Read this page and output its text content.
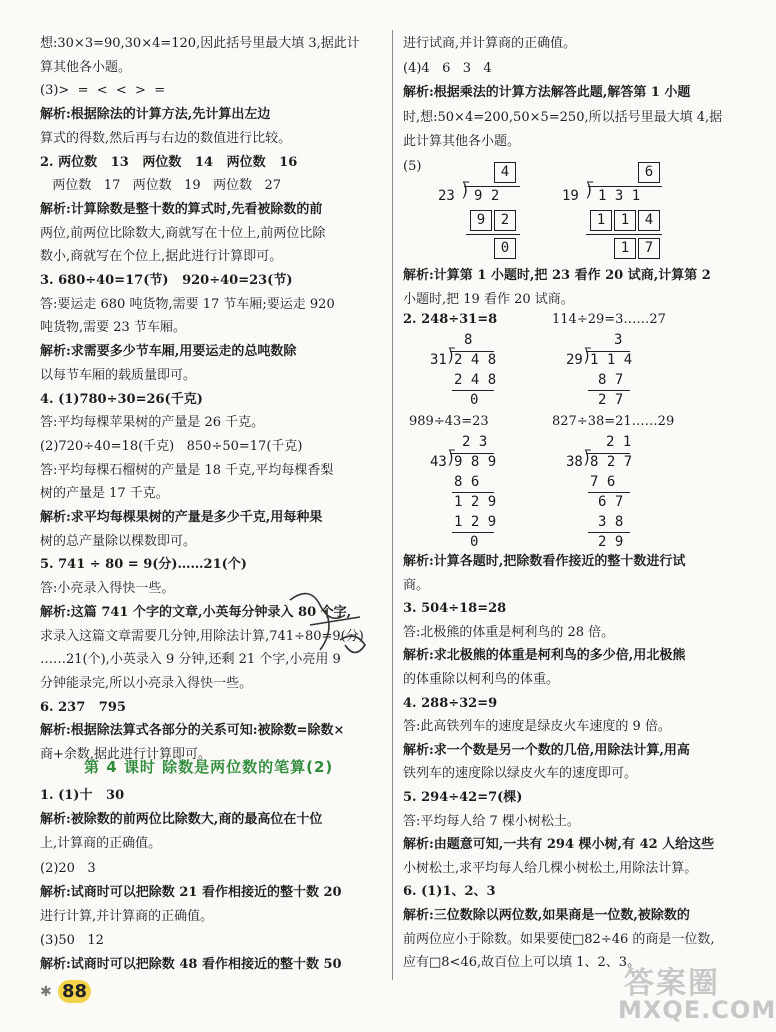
想:30×3=90,30×4=120,因此括号里最大填 3,据此计
算其他各小题。
(3)>  =  <  <  >  =
解析:根据除法的计算方法,先计算出左边
算式的得数,然后再与右边的数值进行比较。
2. 两位数   13   两位数   14   两位数   16
两位数   17   两位数   19   两位数   27
解析:计算除数是整十数的算式时,先看被除数的前
两位,前两位比除数大,商就写在十位上,前两位比除
数小,商就写在个位上,据此进行计算即可。
3. 680÷40=17(节)   920÷40=23(节)
答:要运走 680 吨货物,需要 17 节车厢;要运走 920
吨货物,需要 23 节车厢。
解析:求需要多少节车厢,用要运走的总吨数除
以每节车厢的载质量即可。
4. (1)780÷30=26(千克)
答:平均每棵苹果树的产量是 26 千克。
(2)720÷40=18(千克)   850÷50=17(千克)
答:平均每棵石榴树的产量是 18 千克,平均每棵香梨
树的产量是 17 千克。
解析:求平均每棵果树的产量是多少千克,用每种果
树的总产量除以棵数即可。
5. 741 ÷ 80 = 9(分)……21(个)
答:小亮录入得快一些。
解析:这篇 741 个字的文章,小英每分钟录入 80 个字,
求录入这篇文章需要几分钟,用除法计算,741÷80=9(分)
……21(个),小英录入 9 分钟,还剩 21 个字,小亮用 9
分钟能录完,所以小亮录入得快一些。
6. 237   795
解析:根据除法算式各部分的关系可知:被除数=除数×
商+余数,据此进行计算即可。
第 4 课时 除数是两位数的笔算(2)
1. (1)十   30
解析:被除数的前两位比除数大,商的最高位在十位
上,计算商的正确值。
(2)20   3
解析:试商时可以把除数 21 看作相接近的整十数 20
进行计算,并计算商的正确值。
(3)50   12
解析:试商时可以把除数 48 看作相接近的整十数 50
进行试商,并计算商的正确值。
(4)4   6   3   4
解析:根据乘法的计算方法解答此题,解答第 1 小题
时,想:50×4=200,50×5=250,所以括号里最大填 4,据
此计算其他各小题。
(5)	4
23 ⟌ 9 2
9	2
0
6
19 ⟌ 1 3 1
1	1	4
1	7
解析:计算第 1 小题时,把 23 看作 20 试商,计算第 2
小题时,把 19 看作 20 试商。
2. 248÷31=8	114÷29=3……27
8
31 ⟌ 2 4 8
2 4 8
0
3
29 ⟌ 1 1 4
8 7
2 7
989÷43=23	827÷38=21……29
2 3
43 ⟌ 9 8 9
8 6
1 2 9
1 2 9
0
2 1
38 ⟌ 8 2 7
7 6
6 7
3 8
2 9
解析:计算各题时,把除数看作接近的整十数进行试
商。
3. 504÷18=28
答:北极熊的体重是柯利鸟的 28 倍。
解析:求北极熊的体重是柯利鸟的多少倍,用北极熊
的体重除以柯利鸟的体重。
4. 288÷32=9
答:此高铁列车的速度是绿皮火车速度的 9 倍。
解析:求一个数是另一个数的几倍,用除法计算,用高
铁列车的速度除以绿皮火车的速度即可。
5. 294÷42=7(棵)
答:平均每人给 7 棵小树松土。
解析:由题意可知,一共有 294 棵小树,有 42 人给这些
小树松土,求平均每人给几棵小树松土,用除法计算。
6. (1)1、2、3
解析:三位数除以两位数,如果商是一位数,被除数的
前两位应小于除数。如果要使□82÷46 的商是一位数,
应有□8<46,故百位上可以填 1、2、3。
✱ 88	答案圈
MXQE.COM
